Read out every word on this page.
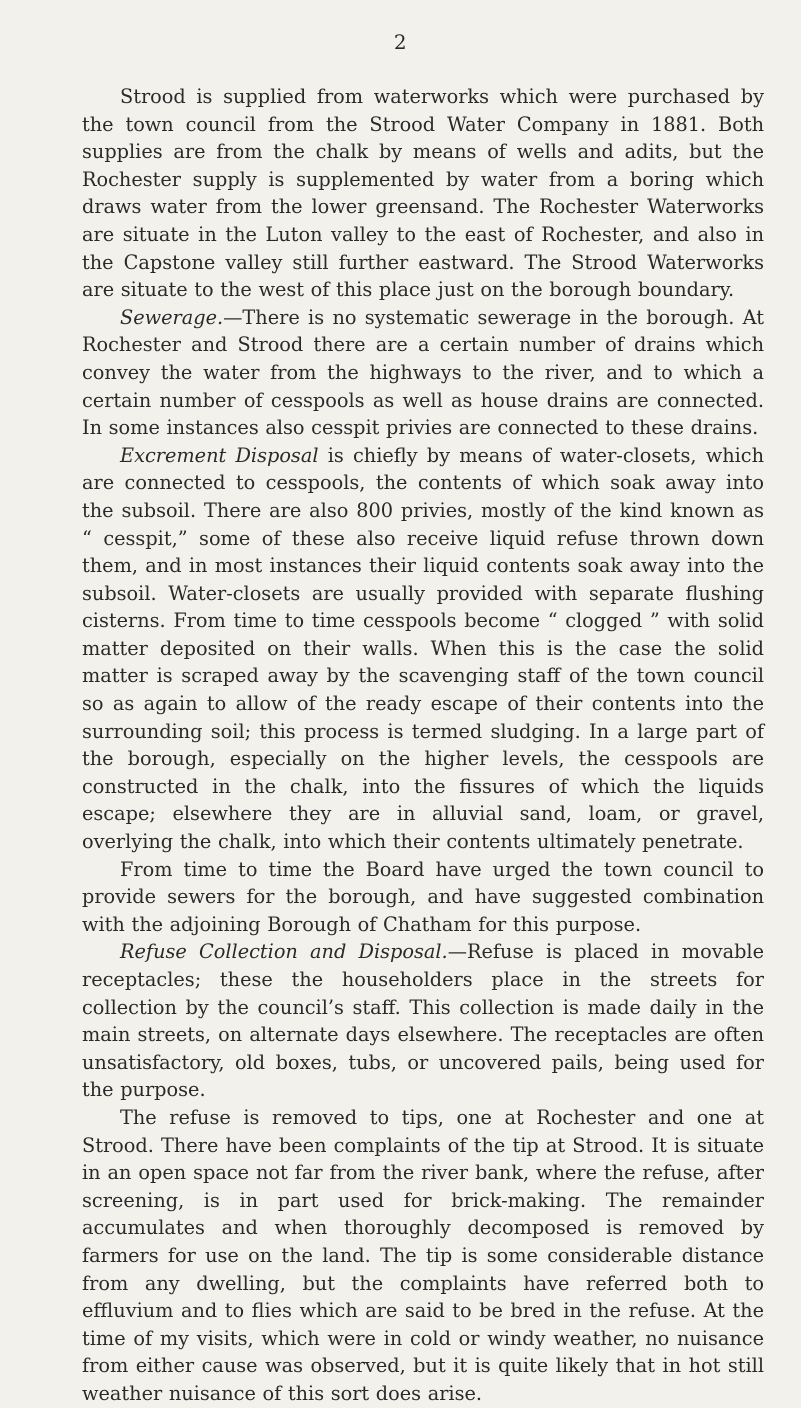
2

Strood is supplied from waterworks which were purchased by the town council from the Strood Water Company in 1881. Both supplies are from the chalk by means of wells and adits, but the Rochester supply is supplemented by water from a boring which draws water from the lower greensand. The Rochester Waterworks are situate in the Luton valley to the east of Rochester, and also in the Capstone valley still further eastward. The Strood Waterworks are situate to the west of this place just on the borough boundary.

Sewerage.—There is no systematic sewerage in the borough. At Rochester and Strood there are a certain number of drains which convey the water from the highways to the river, and to which a certain number of cesspools as well as house drains are connected. In some instances also cesspit privies are connected to these drains.

Excrement Disposal is chiefly by means of water-closets, which are connected to cesspools, the contents of which soak away into the subsoil. There are also 800 privies, mostly of the kind known as “ cesspit,” some of these also receive liquid refuse thrown down them, and in most instances their liquid contents soak away into the subsoil. Water-closets are usually provided with separate flushing cisterns. From time to time cesspools become “ clogged ” with solid matter deposited on their walls. When this is the case the solid matter is scraped away by the scavenging staff of the town council so as again to allow of the ready escape of their contents into the surrounding soil; this process is termed sludging. In a large part of the borough, especially on the higher levels, the cesspools are constructed in the chalk, into the fissures of which the liquids escape; elsewhere they are in alluvial sand, loam, or gravel, overlying the chalk, into which their contents ultimately penetrate.

From time to time the Board have urged the town council to provide sewers for the borough, and have suggested combination with the adjoining Borough of Chatham for this purpose.

Refuse Collection and Disposal.—Refuse is placed in movable receptacles; these the householders place in the streets for collection by the council’s staff. This collection is made daily in the main streets, on alternate days elsewhere. The receptacles are often unsatisfactory, old boxes, tubs, or uncovered pails, being used for the purpose.

The refuse is removed to tips, one at Rochester and one at Strood. There have been complaints of the tip at Strood. It is situate in an open space not far from the river bank, where the refuse, after screening, is in part used for brick-making. The remainder accumulates and when thoroughly decomposed is removed by farmers for use on the land. The tip is some considerable distance from any dwelling, but the complaints have referred both to effluvium and to flies which are said to be bred in the refuse. At the time of my visits, which were in cold or windy weather, no nuisance from either cause was observed, but it is quite likely that in hot still weather nuisance of this sort does arise.
